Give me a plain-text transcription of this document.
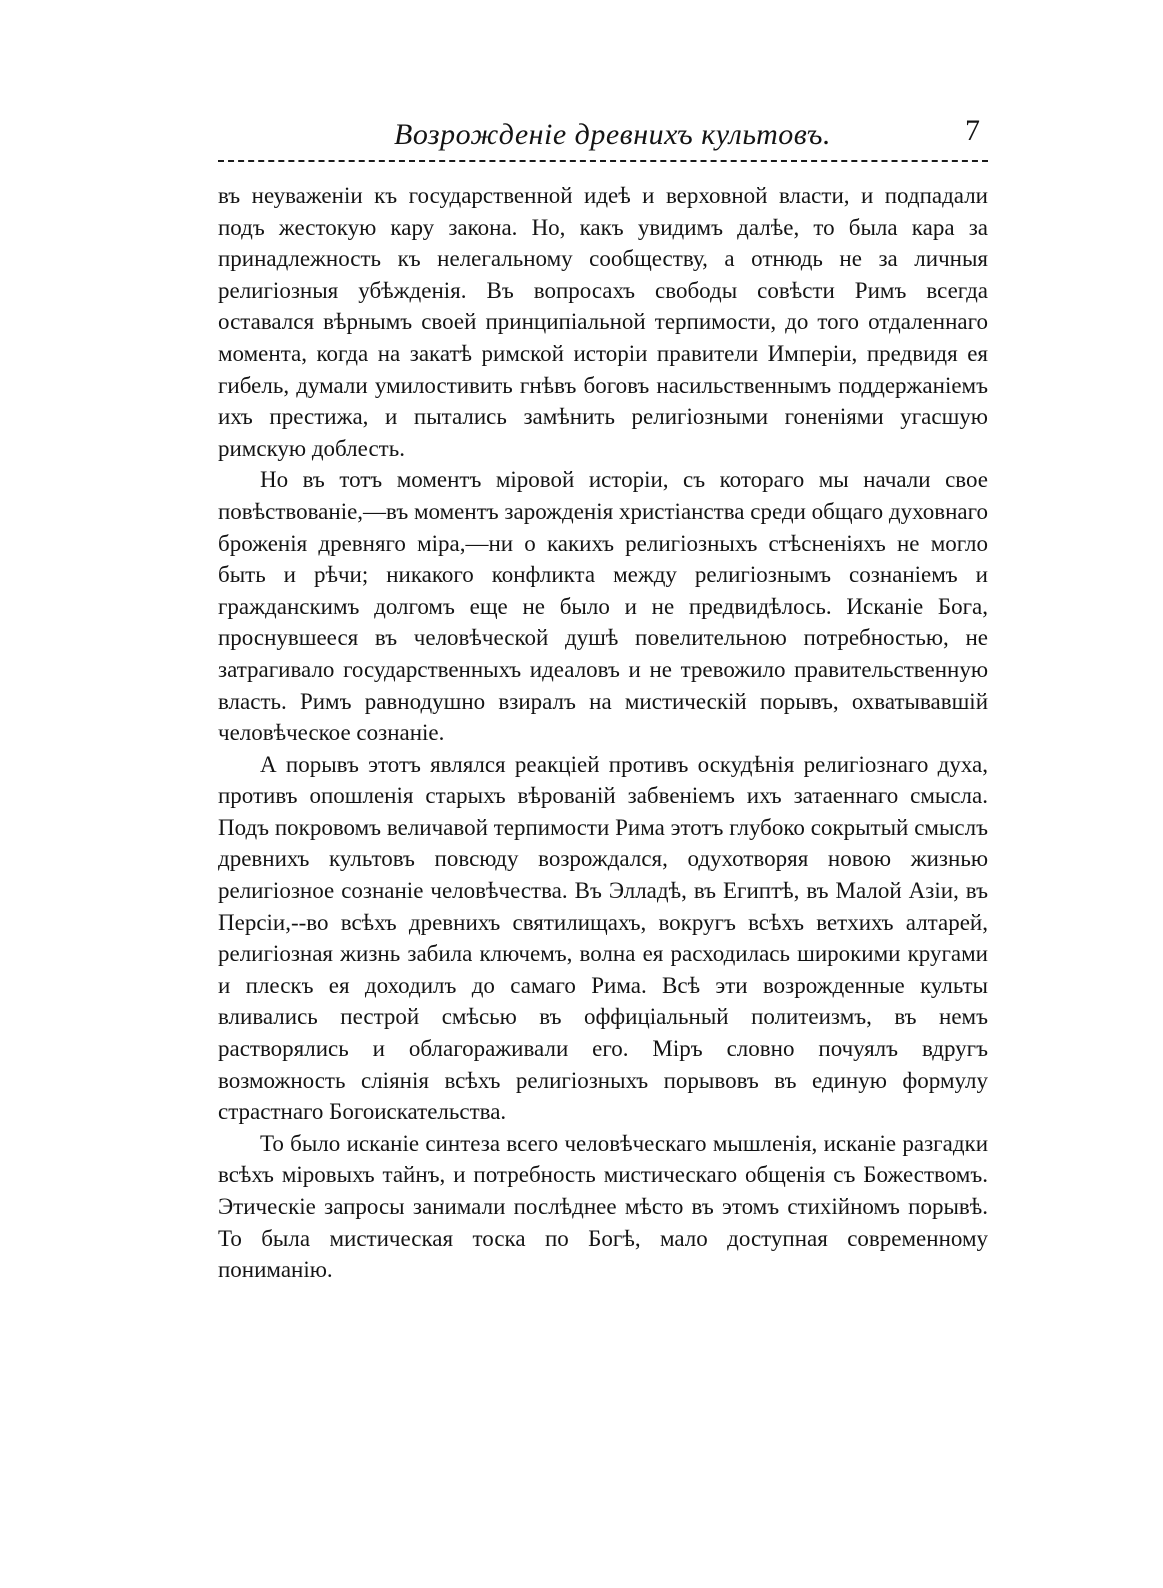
Возрожденіе древнихъ культовъ.	7

въ неуваженіи къ государственной идеѣ и верховной власти, и подпадали подъ жестокую кару закона. Но, какъ увидимъ далѣе, то была кара за принадлежность къ нелегальному сообществу, а отнюдь не за личныя религіозныя убѣжденія. Въ вопросахъ свободы совѣсти Римъ всегда оставался вѣрнымъ своей принципіальной терпимости, до того отдаленнаго момента, когда на закатѣ римской исторіи правители Имперіи, предвидя ея гибель, думали умилостивить гнѣвъ боговъ насильственнымъ поддержаніемъ ихъ престижа, и пытались замѣнить религіозными гоненіями угасшую римскую доблесть.

Но въ тотъ моментъ міровой исторіи, съ котораго мы начали свое повѣствованіе,—въ моментъ зарожденія христіанства среди общаго духовнаго броженія древняго міра,—ни о какихъ религіозныхъ стѣсненіяхъ не могло быть и рѣчи; никакого конфликта между религіознымъ сознаніемъ и гражданскимъ долгомъ еще не было и не предвидѣлось. Исканіе Бога, проснувшееся въ человѣческой душѣ повелительною потребностью, не затрагивало государственныхъ идеаловъ и не тревожило правительственную власть. Римъ равнодушно взиралъ на мистическій порывъ, охватывавшій человѣческое сознаніе.

А порывъ этотъ являлся реакціей противъ оскудѣнія религіознаго духа, противъ опошленія старыхъ вѣрованій забвеніемъ ихъ затаеннаго смысла. Подъ покровомъ величавой терпимости Рима этотъ глубоко сокрытый смыслъ древнихъ культовъ повсюду возрождался, одухотворяя новою жизнью религіозное сознаніе человѣчества. Въ Элладѣ, въ Египтѣ, въ Малой Азіи, въ Персіи,--во всѣхъ древнихъ святилищахъ, вокругъ всѣхъ ветхихъ алтарей, религіозная жизнь забила ключемъ, волна ея расходилась широкими кругами и плескъ ея доходилъ до самаго Рима. Всѣ эти возрожденные культы вливались пестрой смѣсью въ оффиціальный политеизмъ, въ немъ растворялись и облагораживали его. Міръ словно почуялъ вдругъ возможность сліянія всѣхъ религіозныхъ порывовъ въ единую формулу страстнаго Богоискательства.

То было исканіе синтеза всего человѣческаго мышленія, исканіе разгадки всѣхъ міровыхъ тайнъ, и потребность мистическаго общенія съ Божествомъ. Этическіе запросы занимали послѣднее мѣсто въ этомъ стихійномъ порывѣ. То была мистическая тоска по Богѣ, мало доступная современному пониманію.
